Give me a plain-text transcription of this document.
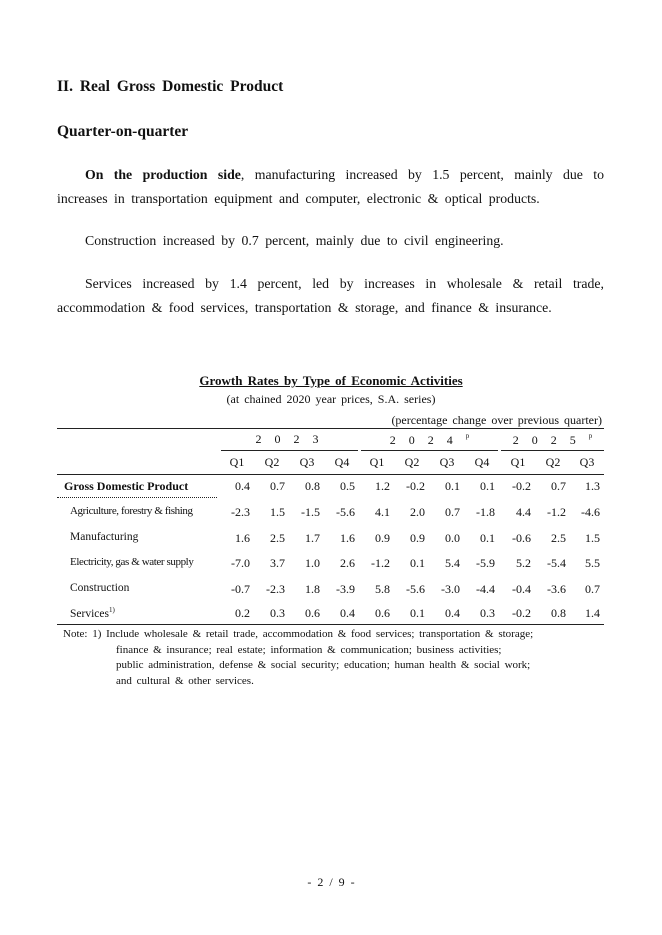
II. Real Gross Domestic Product
Quarter-on-quarter
On the production side, manufacturing increased by 1.5 percent, mainly due to increases in transportation equipment and computer, electronic & optical products.
Construction increased by 0.7 percent, mainly due to civil engineering.
Services increased by 1.4 percent, led by increases in wholesale & retail trade, accommodation & food services, transportation & storage, and finance & insurance.
Growth Rates by Type of Economic Activities
(at chained 2020 year prices, S.A. series)
(percentage change over previous quarter)
2 0 2 3	2 0 2 4 $^p$	2 0 2 5 $^p$
Q1	Q2	Q3	Q4	Q1	Q2	Q3	Q4	Q1	Q2	Q3
Gross Domestic Product	0.4	0.7	0.8	0.5	1.2	-0.2	0.1	0.1	-0.2	0.7	1.3
Agriculture, forestry & fishing	-2.3	1.5	-1.5	-5.6	4.1	2.0	0.7	-1.8	4.4	-1.2	-4.6
Manufacturing	1.6	2.5	1.7	1.6	0.9	0.9	0.0	0.1	-0.6	2.5	1.5
Electricity, gas & water supply	-7.0	3.7	1.0	2.6	-1.2	0.1	5.4	-5.9	5.2	-5.4	5.5
Construction	-0.7	-2.3	1.8	-3.9	5.8	-5.6	-3.0	-4.4	-0.4	-3.6	0.7
Services$^{1)}$	0.2	0.3	0.6	0.4	0.6	0.1	0.4	0.3	-0.2	0.8	1.4
Note: 1) Include wholesale & retail trade, accommodation & food services; transportation & storage;
finance & insurance; real estate; information & communication; business activities;
public administration, defense & social security; education; human health & social work;
and cultural & other services.
- 2 / 9 -
